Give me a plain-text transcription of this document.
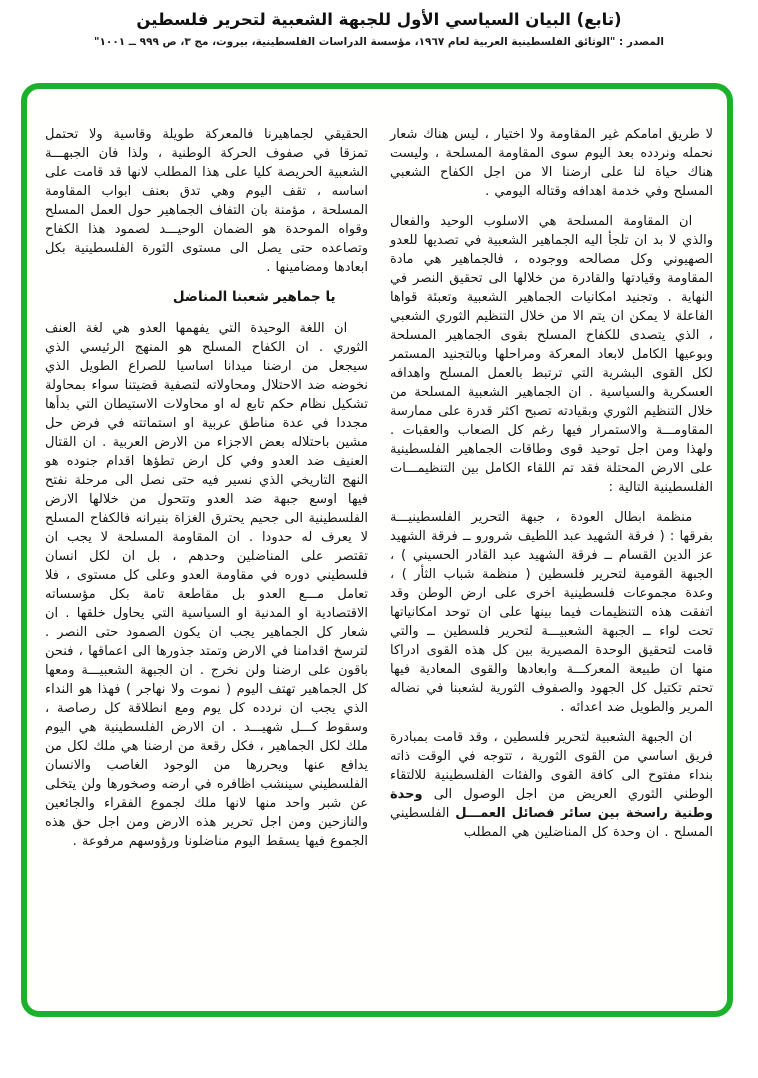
(تابع) البيان السياسي الأول للجبهة الشعبية لتحرير فلسطين

المصدر : "الوثائق الفلسطينية العربية لعام ١٩٦٧، مؤسسة الدراسات الفلسطينية، بيروت، مج ٣، ص ٩٩٩ ــ ١٠٠١"

لا طريق امامكم غير المقاومة ولا اختيار ، ليس هناك شعار نحمله ونردده بعد اليوم سوى المقاومة المسلحة ، وليست هناك حياة لنا على ارضنا الا من اجل الكفاح الشعبي المسلح وفي خدمة اهدافه وقتاله اليومي .

ان المقاومة المسلحة هي الاسلوب الوحيد والفعال والذي لا بد ان تلجأ اليه الجماهير الشعبية في تصديها للعدو الصهيوني وكل مصالحه ووجوده ، فالجماهير هي مادة المقاومة وقيادتها والقادرة من خلالها الى تحقيق النصر في النهاية . وتجنيد امكانيات الجماهير الشعبية وتعبئة قواها الفاعلة لا يمكن ان يتم الا من خلال التنظيم الثوري الشعبي ، الذي يتصدى للكفاح المسلح بقوى الجماهير المسلحة وبوعيها الكامل لابعاد المعركة ومراحلها وبالتجنيد المستمر لكل القوى البشرية التي ترتبط بالعمل المسلح واهدافه العسكرية والسياسية . ان الجماهير الشعبية المسلحة من خلال التنظيم الثوري وبقيادته تصبح اكثر قدرة على ممارسة المقاومـــة والاستمرار فيها رغم كل الصعاب والعقبات . ولهذا ومن اجل توحيد قوى وطاقات الجماهير الفلسطينية على الارض المحتلة فقد تم اللقاء الكامل بين التنظيمـــات الفلسطينية التالية :

منظمة ابطال العودة ، جبهة التحرير الفلسطينيـــة بفرقها : ( فرقة الشهيد عبد اللطيف شرورو ــ فرقة الشهيد عز الدين القسام ــ فرقة الشهيد عبد القادر الحسيني ) ، الجبهة القومية لتحرير فلسطين ( منظمة شباب الثأر ) ، وعدة مجموعات فلسطينية اخرى على ارض الوطن وقد اتفقت هذه التنظيمات فيما بينها على ان توحد امكانياتها تحت لواء ــ الجبهة الشعبيـــة لتحرير فلسطين ــ والتي قامت لتحقيق الوحدة المصيرية بين كل هذه القوى ادراكا منها ان طبيعة المعركـــة وابعادها والقوى المعادية فيها تحتم تكتيل كل الجهود والصفوف الثورية لشعبنا في نضاله المرير والطويل ضد اعدائه .

ان الجبهة الشعبية لتحرير فلسطين ، وقد قامت بمبادرة فريق اساسي من القوى الثورية ، تتوجه في الوقت ذاته بنداء مفتوح الى كافة القوى والفئات الفلسطينية للالتقاء الوطني الثوري العريض من اجل الوصول الى وحدة وطنية راسخة بين سائر فصائل العمـــل الفلسطيني المسلح . ان وحدة كل المناضلين هي المطلب

الحقيقي لجماهيرنا فالمعركة طويلة وقاسية ولا تحتمل تمزقا في صفوف الحركة الوطنية ، ولذا فان الجبهـــة الشعبية الحريصة كليا على هذا المطلب لانها قد قامت على اساسه ، تقف اليوم وهي تدق بعنف ابواب المقاومة المسلحة ، مؤمنة بان التفاف الجماهير حول العمل المسلح وقواه الموحدة هو الضمان الوحيـــد لصمود هذا الكفاح وتصاعده حتى يصل الى مستوى الثورة الفلسطينية بكل ابعادها ومضامينها .

يا جماهير شعبنا المناضل

ان اللغة الوحيدة التي يفهمها العدو هي لغة العنف الثوري . ان الكفاح المسلح هو المنهج الرئيسي الذي سيجعل من ارضنا ميدانا اساسيا للصراع الطويل الذي نخوضه ضد الاحتلال ومحاولاته لتصفية قضيتنا سواء بمحاولة تشكيل نظام حكم تابع له او محاولات الاستيطان التي بدأها مجددا في عدة مناطق عربية او استماتته في فرض حل مشين باحتلاله بعض الاجزاء من الارض العربية . ان القتال العنيف ضد العدو وفي كل ارض تطؤها اقدام جنوده هو النهج التاريخي الذي نسير فيه حتى نصل الى مرحلة نفتح فيها اوسع جبهة ضد العدو وتتحول من خلالها الارض الفلسطينية الى جحيم يحترق الغزاة بنيرانه فالكفاح المسلح لا يعرف له حدودا . ان المقاومة المسلحة لا يجب ان تقتصر على المناضلين وحدهم ، بل ان لكل انسان فلسطيني دوره في مقاومة العدو وعلى كل مستوى ، فلا تعامل مـــع العدو بل مقاطعة تامة بكل مؤسساته الاقتصادية او المدنية او السياسية التي يحاول خلقها . ان شعار كل الجماهير يجب ان يكون الصمود حتى النصر . لترسخ اقدامنا في الارض وتمتد جذورها الى اعماقها ، فنحن باقون على ارضنا ولن نخرج . ان الجبهة الشعبيـــة ومعها كل الجماهير تهتف اليوم ( نموت ولا نهاجر ) فهذا هو النداء الذي يجب ان نردده كل يوم ومع انطلاقة كل رصاصة ، وسقوط كـــل شهيـــد . ان الارض الفلسطينية هي اليوم ملك لكل الجماهير ، فكل رقعة من ارضنا هي ملك لكل من يدافع عنها ويحررها من الوجود الغاصب والانسان الفلسطيني سينشب اظافره في ارضه وصخورها ولن يتخلى عن شبر واحد منها لانها ملك لجموع الفقراء والجائعين والنازحين ومن اجل تحرير هذه الارض ومن اجل حق هذه الجموع فيها يسقط اليوم مناضلونا ورؤوسهم مرفوعة .
